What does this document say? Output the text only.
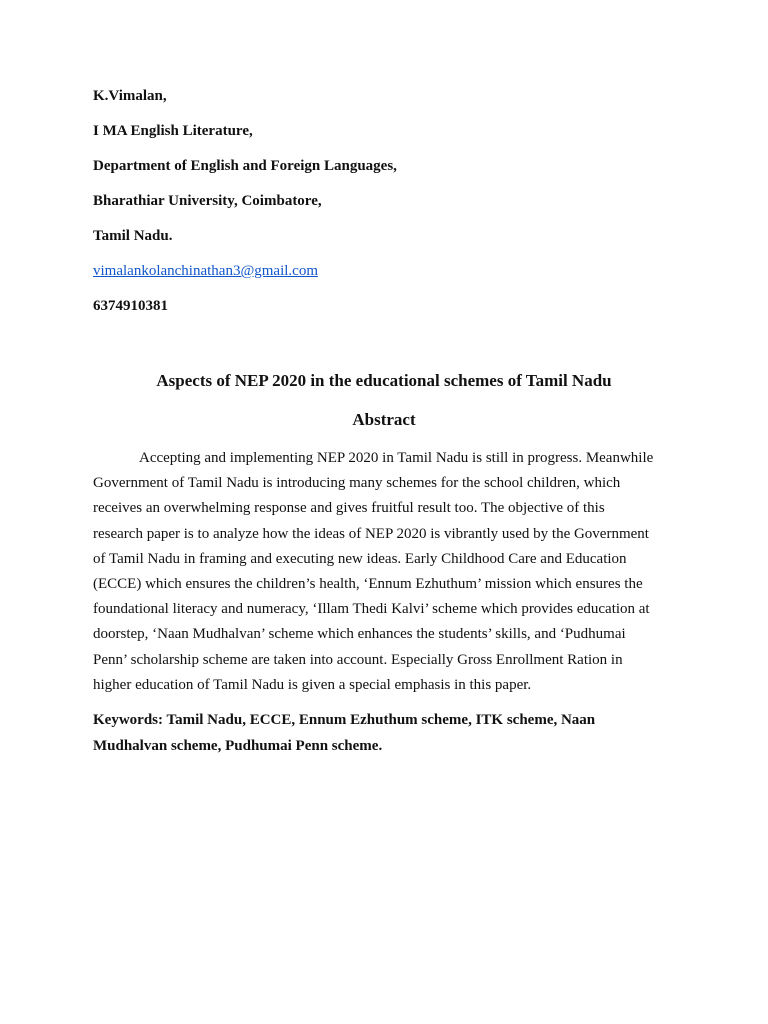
K.Vimalan,

I MA English Literature,

Department of English and Foreign Languages,

Bharathiar University, Coimbatore,

Tamil Nadu.

vimalankolanchinathan3@gmail.com

6374910381

Aspects of NEP 2020 in the educational schemes of Tamil Nadu
Abstract
Accepting and implementing NEP 2020 in Tamil Nadu is still in progress. Meanwhile
Government of Tamil Nadu is introducing many schemes for the school children, which
receives an overwhelming response and gives fruitful result too. The objective of this
research paper is to analyze how the ideas of NEP 2020 is vibrantly used by the Government
of Tamil Nadu in framing and executing new ideas. Early Childhood Care and Education
(ECCE) which ensures the children’s health, ‘Ennum Ezhuthum’ mission which ensures the
foundational literacy and numeracy, ‘Illam Thedi Kalvi’ scheme which provides education at
doorstep, ‘Naan Mudhalvan’ scheme which enhances the students’ skills, and ‘Pudhumai
Penn’ scholarship scheme are taken into account. Especially Gross Enrollment Ration in
higher education of Tamil Nadu is given a special emphasis in this paper.
Keywords: Tamil Nadu, ECCE, Ennum Ezhuthum scheme, ITK scheme, Naan
Mudhalvan scheme, Pudhumai Penn scheme.
